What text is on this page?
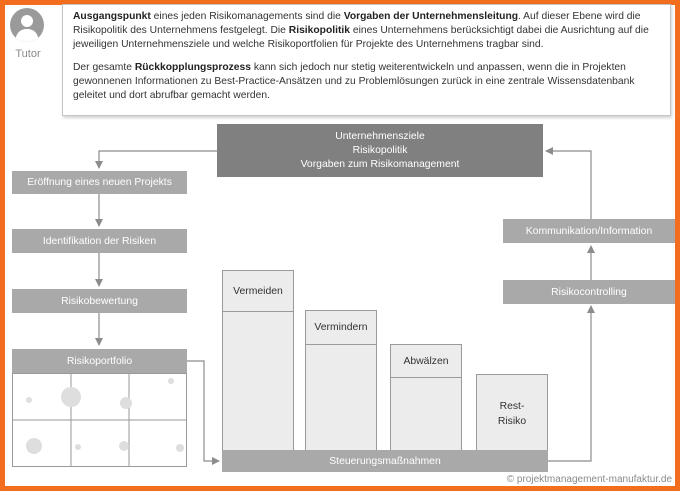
Tutor

Ausgangspunkt eines jeden Risikomanagements sind die Vorgaben der Unternehmensleitung. Auf dieser Ebene wird die Risikopolitik des Unternehmens festgelegt. Die Risikopolitik eines Unternehmens berücksichtigt dabei die Ausrichtung auf die jeweiligen Unternehmensziele und welche Risikoportfolien für Projekte des Unternehmens tragbar sind.

Der gesamte Rückkopplungsprozess kann sich jedoch nur stetig weiterentwickeln und anpassen, wenn die in Projekten gewonnenen Informationen zu Best-Practice-Ansätzen und zu Problemlösungen zurück in eine zentrale Wissensdatenbank geleitet und dort abrufbar gemacht werden.

Unternehmensziele
Risikopolitik
Vorgaben zum Risikomanagement
Eröffnung eines neuen Projekts
Identifikation der Risiken
Risikobewertung
Risikoportfolio
Vermeiden
Vermindern
Abwälzen
Rest-
Risiko
Steuerungsmaßnahmen
Risikocontrolling
Kommunikation/Information
© projektmanagement-manufaktur.de
